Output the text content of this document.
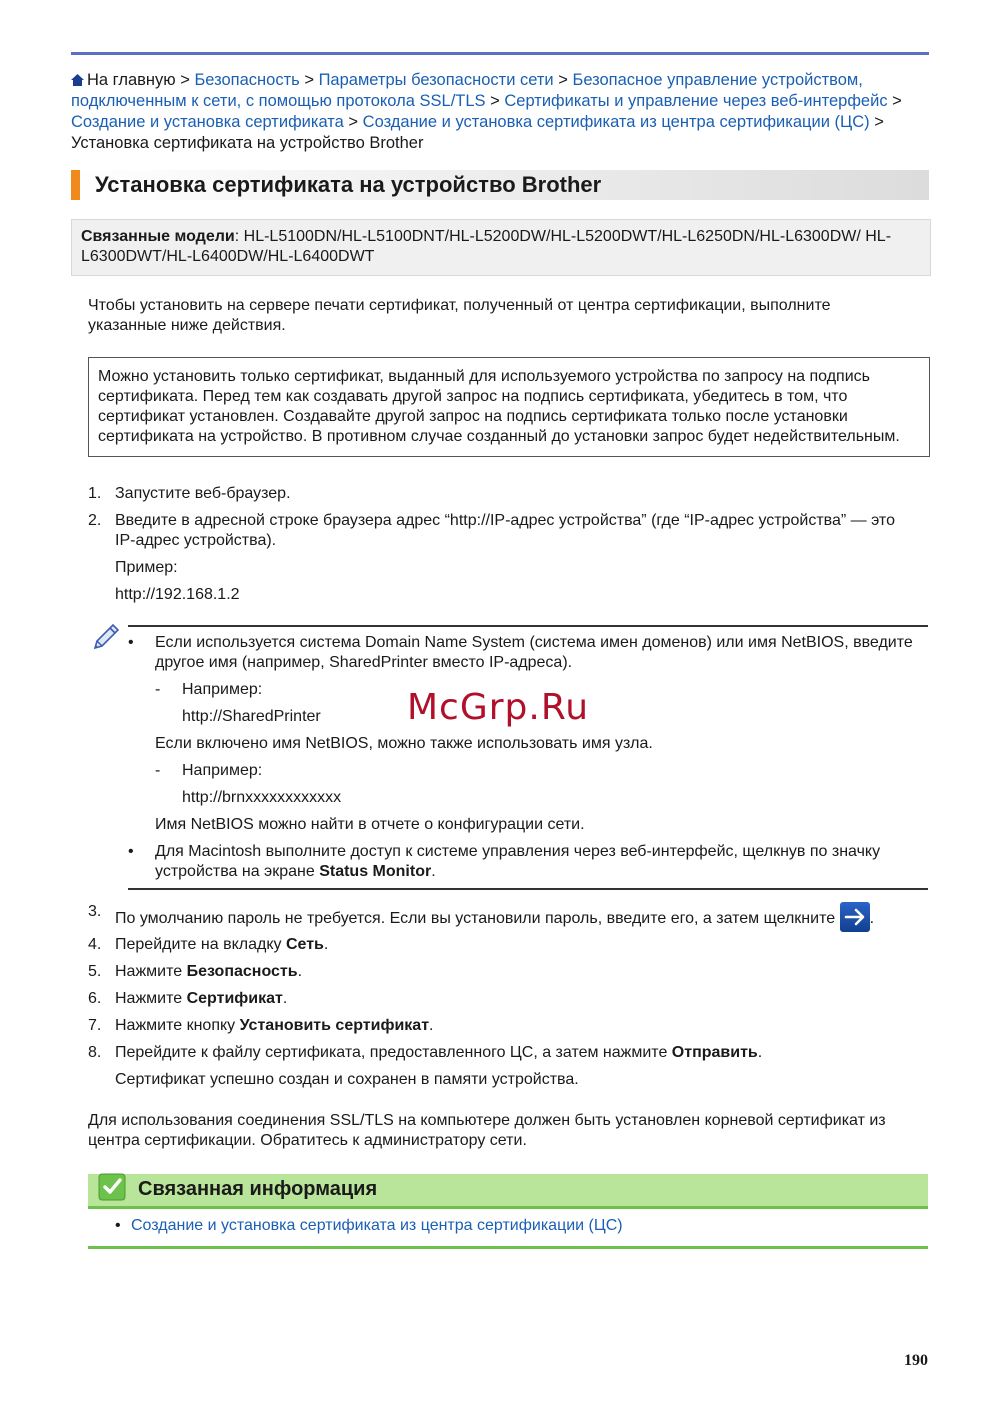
На главную > Безопасность > Параметры безопасности сети > Безопасное управление устройством, подключенным к сети, с помощью протокола SSL/TLS > Сертификаты и управление через веб-интерфейс > Создание и установка сертификата > Создание и установка сертификата из центра сертификации (ЦС) > Установка сертификата на устройство Brother
Установка сертификата на устройство Brother
Связанные модели: HL-L5100DN/HL-L5100DNT/HL-L5200DW/HL-L5200DWT/HL-L6250DN/HL-L6300DW/ HL-L6300DWT/HL-L6400DW/HL-L6400DWT
Чтобы установить на сервере печати сертификат, полученный от центра сертификации, выполните указанные ниже действия.
Можно установить только сертификат, выданный для используемого устройства по запросу на подпись сертификата. Перед тем как создавать другой запрос на подпись сертификата, убедитесь в том, что сертификат установлен. Создавайте другой запрос на подпись сертификата только после установки сертификата на устройство. В противном случае созданный до установки запрос будет недействительным.
1. Запустите веб-браузер.
2. Введите в адресной строке браузера адрес “http://IP-адрес устройства” (где “IP-адрес устройства” — это IP-адрес устройства).
Пример:
http://192.168.1.2
• Если используется система Domain Name System (система имен доменов) или имя NetBIOS, введите другое имя (например, SharedPrinter вместо IP-адреса).
- Например:
http://SharedPrinter
Если включено имя NetBIOS, можно также использовать имя узла.
- Например:
http://brnxxxxxxxxxxxx
Имя NetBIOS можно найти в отчете о конфигурации сети.
• Для Macintosh выполните доступ к системе управления через веб-интерфейс, щелкнув по значку устройства на экране Status Monitor.
3. По умолчанию пароль не требуется. Если вы установили пароль, введите его, а затем щелкните .
4. Перейдите на вкладку Сеть.
5. Нажмите Безопасность.
6. Нажмите Сертификат.
7. Нажмите кнопку Установить сертификат.
8. Перейдите к файлу сертификата, предоставленного ЦС, а затем нажмите Отправить.
Сертификат успешно создан и сохранен в памяти устройства.
Для использования соединения SSL/TLS на компьютере должен быть установлен корневой сертификат из центра сертификации. Обратитесь к администратору сети.
Связанная информация
• Создание и установка сертификата из центра сертификации (ЦС)
McGrp.Ru
190
